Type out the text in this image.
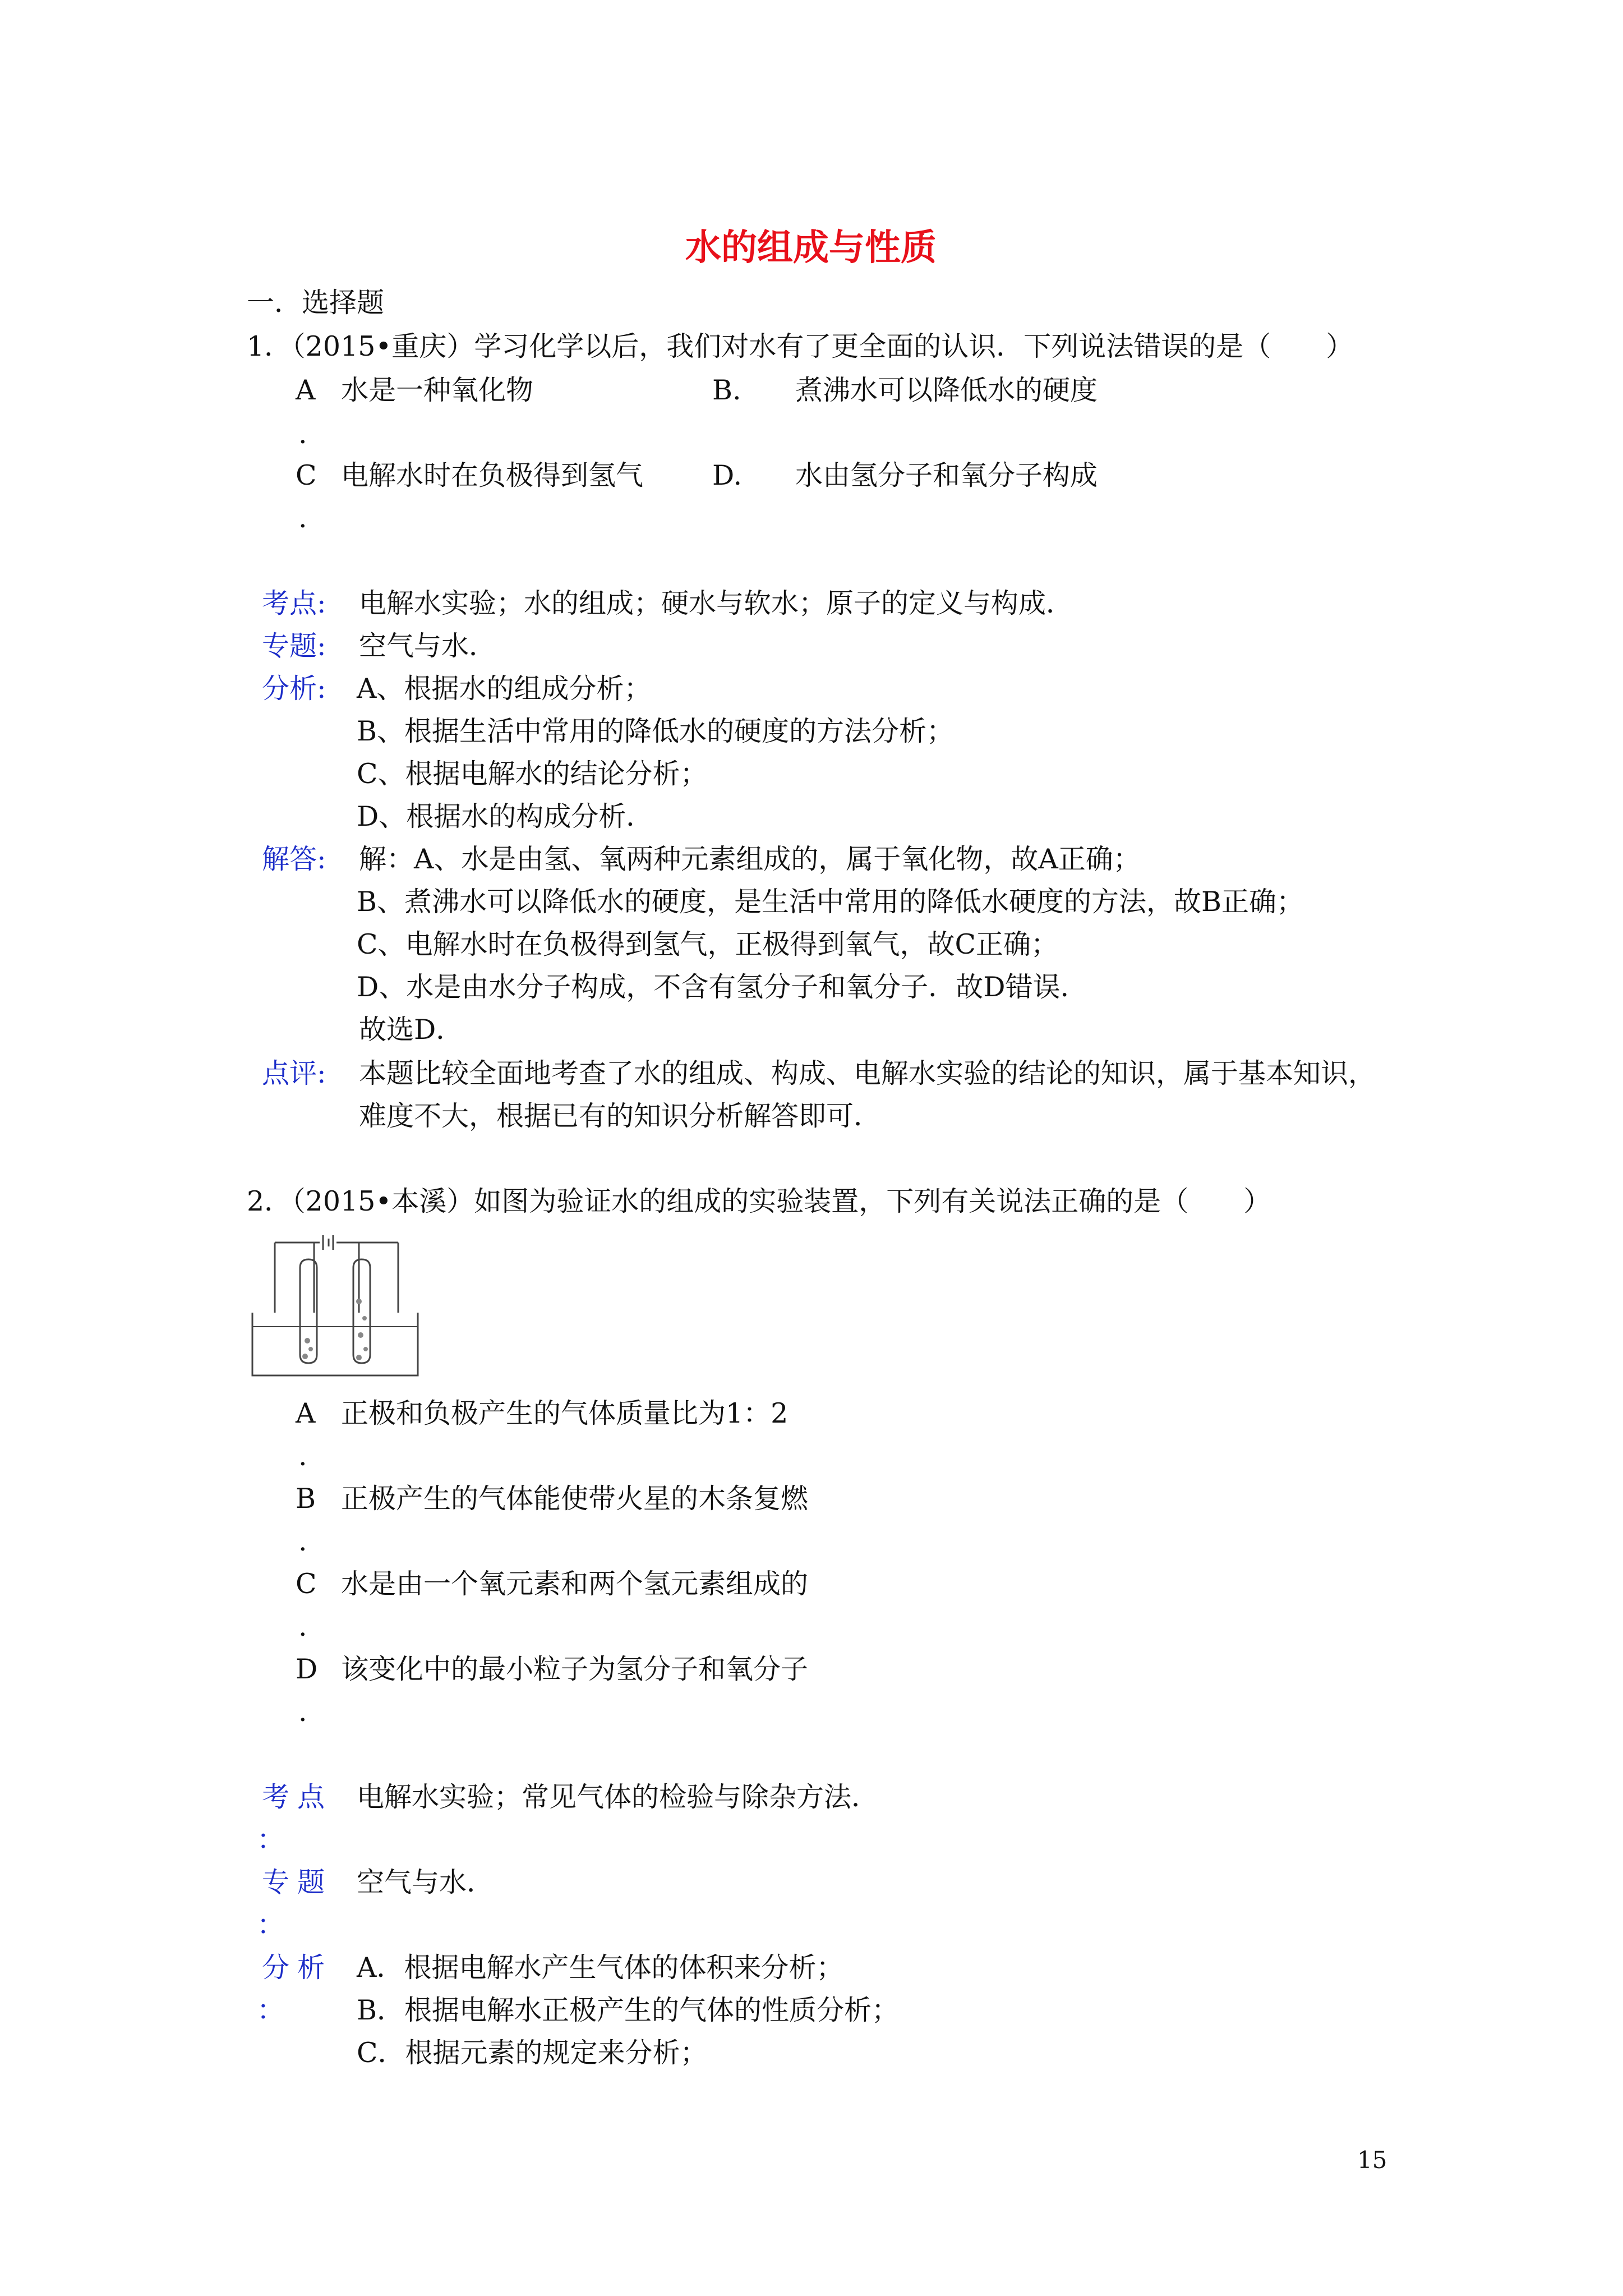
水的组成与性质
一．选择题
1．（2015•重庆）学习化学以后，我们对水有了更全面的认识．下列说法错误的是（　　）
A
.
水是一种氧化物	B. 煮沸水可以降低水的硬度
C
.
电解水时在负极得到氢气	D. 水由氢分子和氧分子构成
考点: 电解水实验；水的组成；硬水与软水；原子的定义与构成．
专题: 空气与水．
分析: A、根据水的组成分析；
B、根据生活中常用的降低水的硬度的方法分析；
C、根据电解水的结论分析；
D、根据水的构成分析．
解答: 解：A、水是由氢、氧两种元素组成的，属于氧化物，故A正确；
B、煮沸水可以降低水的硬度，是生活中常用的降低水硬度的方法，故B正确；
C、电解水时在负极得到氢气，正极得到氧气，故C正确；
D、水是由水分子构成，不含有氢分子和氧分子．故D错误．
故选D．
点评: 本题比较全面地考查了水的组成、构成、电解水实验的结论的知识，属于基本知识，
难度不大，根据已有的知识分析解答即可．
2．（2015•本溪）如图为验证水的组成的实验装置，下列有关说法正确的是（　　）
A
.
正极和负极产生的气体质量比为1：2
B
.
正极产生的气体能使带火星的木条复燃
C
.
水是由一个氧元素和两个氢元素组成的
D
.
该变化中的最小粒子为氢分子和氧分子
考点
：
电解水实验；常见气体的检验与除杂方法．
专题
：
空气与水．
分析
：
A．根据电解水产生气体的体积来分析；
B．根据电解水正极产生的气体的性质分析；
C．根据元素的规定来分析；
15
